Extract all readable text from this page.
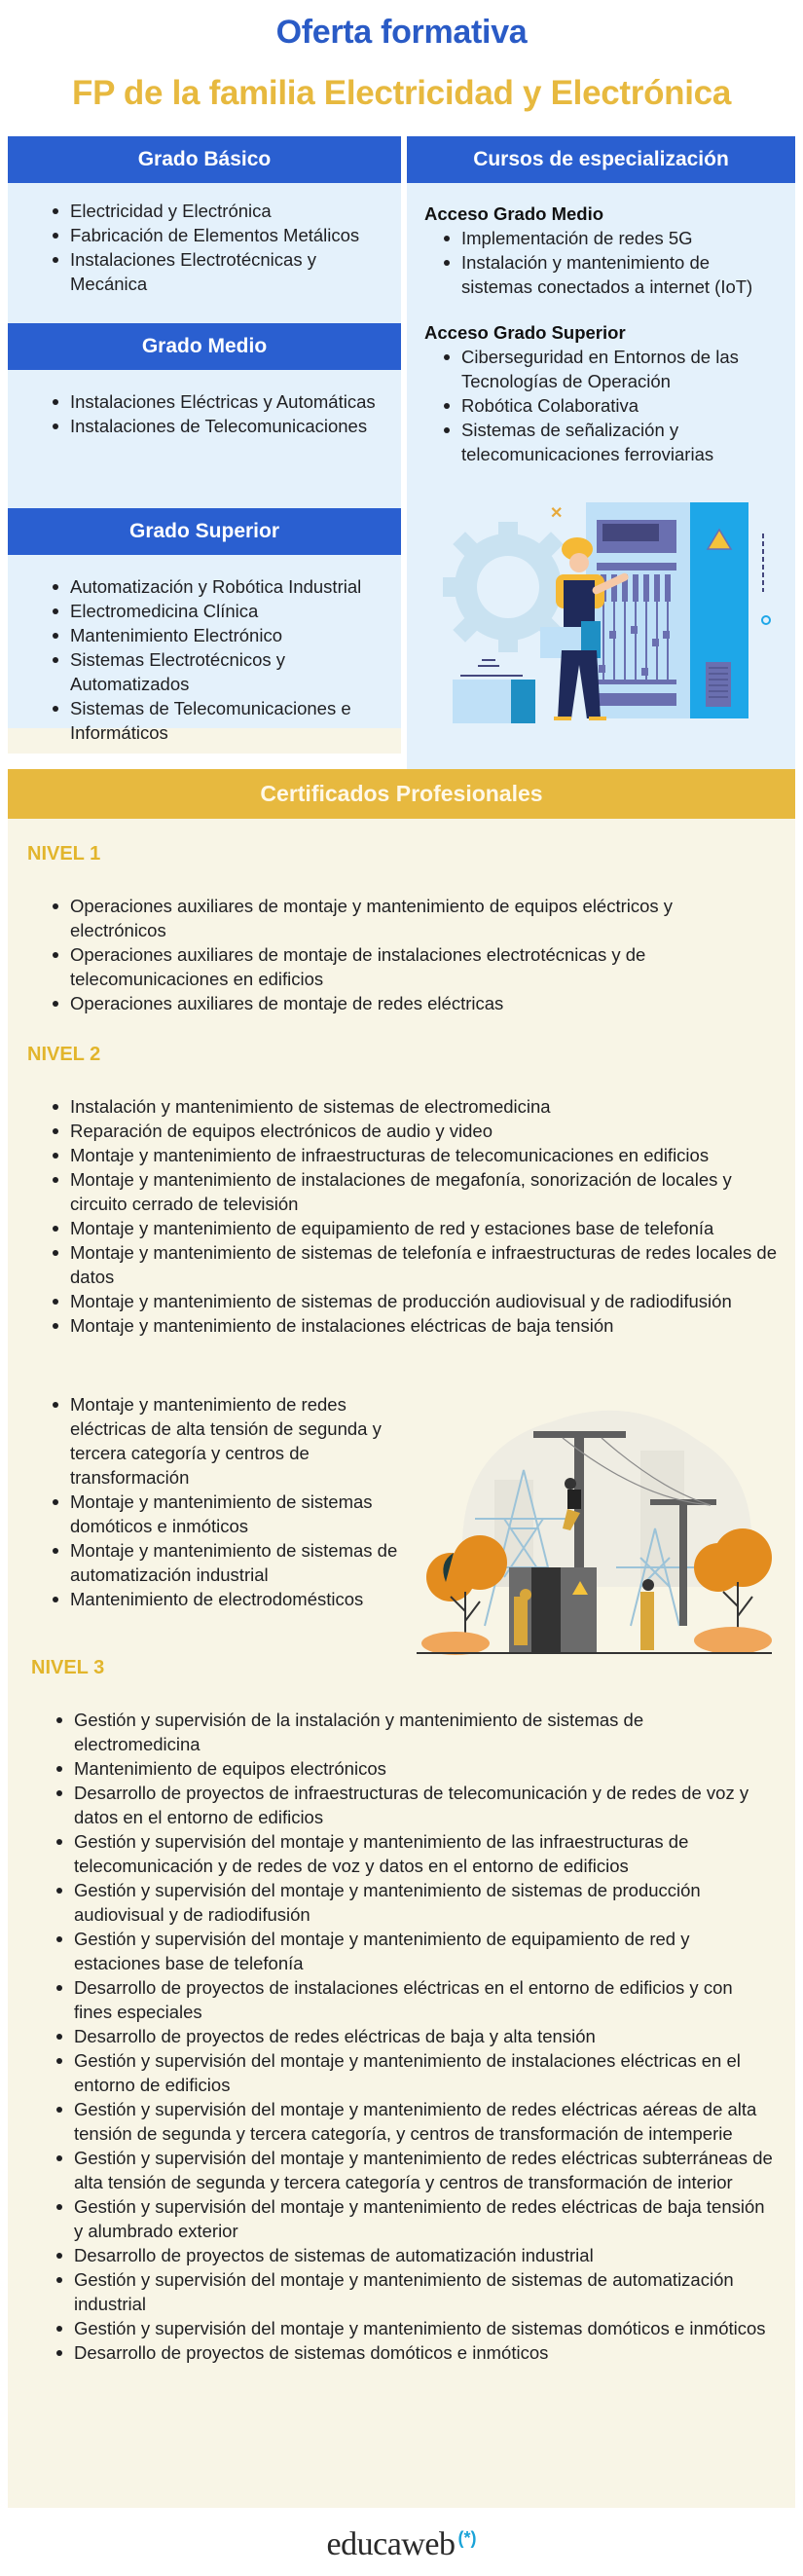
Oferta formativa
FP de la familia Electricidad y Electrónica
Grado Básico
Electricidad y Electrónica
Fabricación de Elementos Metálicos
Instalaciones Electrotécnicas y Mecánica
Grado Medio
Instalaciones Eléctricas y Automáticas
Instalaciones de Telecomunicaciones
Grado Superior
Automatización y Robótica Industrial
Electromedicina Clínica
Mantenimiento Electrónico
Sistemas Electrotécnicos y Automatizados
Sistemas de Telecomunicaciones e Informáticos
Cursos de especialización
Acceso Grado Medio
Implementación de redes 5G
Instalación y mantenimiento de sistemas conectados a internet (IoT)
Acceso Grado Superior
Ciberseguridad en Entornos de las Tecnologías de Operación
Robótica Colaborativa
Sistemas de señalización y telecomunicaciones ferroviarias
✕
Certificados Profesionales
NIVEL 1
Operaciones auxiliares de montaje y mantenimiento de equipos eléctricos y electrónicos
Operaciones auxiliares de montaje de instalaciones electrotécnicas y de telecomunicaciones en edificios
Operaciones auxiliares de montaje de redes eléctricas
NIVEL 2
Instalación y mantenimiento de sistemas de electromedicina
Reparación de equipos electrónicos de audio y video
Montaje y mantenimiento de infraestructuras de telecomunicaciones en edificios
Montaje y mantenimiento de instalaciones de megafonía, sonorización de locales y circuito cerrado de televisión
Montaje y mantenimiento de equipamiento de red y estaciones base de telefonía
Montaje y mantenimiento de sistemas de telefonía e infraestructuras de redes locales de datos
Montaje y mantenimiento de sistemas de producción audiovisual y de radiodifusión
Montaje y mantenimiento de instalaciones eléctricas de baja tensión
Montaje y mantenimiento de redes eléctricas de alta tensión de segunda y tercera categoría y centros de transformación
Montaje y mantenimiento de sistemas domóticos e inmóticos
Montaje y mantenimiento de sistemas de automatización industrial
Mantenimiento de electrodomésticos
NIVEL 3
Gestión y supervisión de la instalación y mantenimiento de sistemas de electromedicina
Mantenimiento de equipos electrónicos
Desarrollo de proyectos de infraestructuras de telecomunicación y de redes de voz y datos en el entorno de edificios
Gestión y supervisión del montaje y mantenimiento de las infraestructuras de telecomunicación y de redes de voz y datos en el entorno de edificios
Gestión y supervisión del montaje y mantenimiento de sistemas de producción audiovisual y de radiodifusión
Gestión y supervisión del montaje y mantenimiento de equipamiento de red y estaciones base de telefonía
Desarrollo de proyectos de instalaciones eléctricas en el entorno de edificios y con fines especiales
Desarrollo de proyectos de redes eléctricas de baja y alta tensión
Gestión y supervisión del montaje y mantenimiento de instalaciones eléctricas en el entorno de edificios
Gestión y supervisión del montaje y mantenimiento de redes eléctricas aéreas de alta tensión de segunda y tercera categoría, y centros de transformación de intemperie
Gestión y supervisión del montaje y mantenimiento de redes eléctricas subterráneas de alta tensión de segunda y tercera categoría y centros de transformación de interior
Gestión y supervisión del montaje y mantenimiento de redes eléctricas de baja tensión y alumbrado exterior
Desarrollo de proyectos de sistemas de automatización industrial
Gestión y supervisión del montaje y mantenimiento de sistemas de automatización industrial
Gestión y supervisión del montaje y mantenimiento de sistemas domóticos e inmóticos
Desarrollo de proyectos de sistemas domóticos e inmóticos
educaweb (*)
